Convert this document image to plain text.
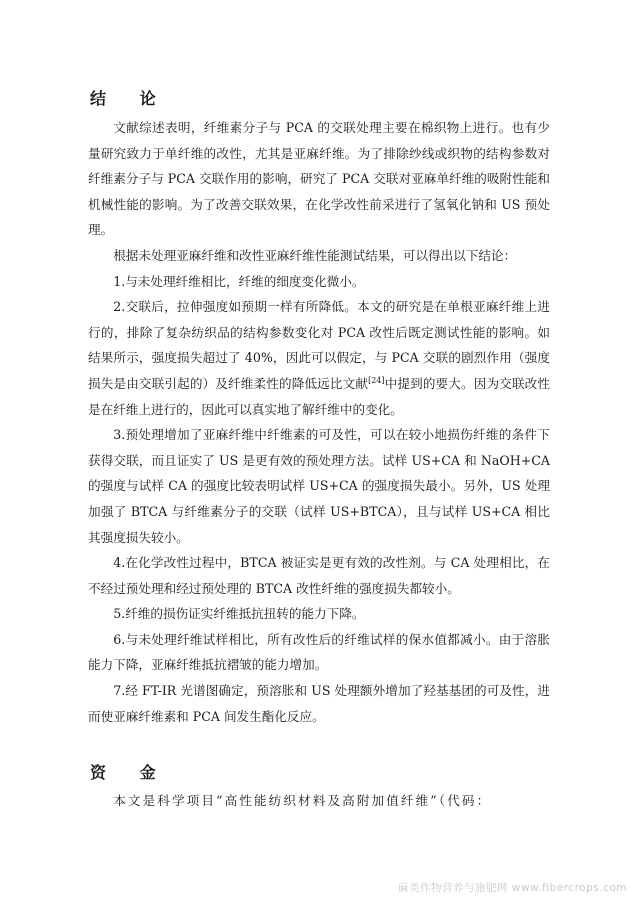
结 论

文献综述表明，纤维素分子与 PCA 的交联处理主要在棉织物上进行。也有少量研究致力于单纤维的改性，尤其是亚麻纤维。为了排除纱线或织物的结构参数对纤维素分子与 PCA 交联作用的影响，研究了 PCA 交联对亚麻单纤维的吸附性能和机械性能的影响。为了改善交联效果，在化学改性前采进行了氢氧化钠和 US 预处理。

根据未处理亚麻纤维和改性亚麻纤维性能测试结果，可以得出以下结论：

1.与未处理纤维相比，纤维的细度变化微小。

2.交联后，拉伸强度如预期一样有所降低。本文的研究是在单根亚麻纤维上进行的，排除了复杂纺织品的结构参数变化对 PCA 改性后既定测试性能的影响。如结果所示，强度损失超过了 40%，因此可以假定，与 PCA 交联的剧烈作用（强度损失是由交联引起的）及纤维柔性的降低远比文献[24]中提到的要大。因为交联改性是在纤维上进行的，因此可以真实地了解纤维中的变化。

3.预处理增加了亚麻纤维中纤维素的可及性，可以在较小地损伤纤维的条件下获得交联，而且证实了 US 是更有效的预处理方法。试样 US+CA 和 NaOH+CA 的强度与试样 CA 的强度比较表明试样 US+CA 的强度损失最小。另外，US 处理加强了 BTCA 与纤维素分子的交联（试样 US+BTCA），且与试样 US+CA 相比其强度损失较小。

4.在化学改性过程中，BTCA 被证实是更有效的改性剂。与 CA 处理相比，在不经过预处理和经过预处理的 BTCA 改性纤维的强度损失都较小。

5.纤维的损伤证实纤维抵抗扭转的能力下降。

6.与未处理纤维试样相比，所有改性后的纤维试样的保水值都减小。由于溶胀能力下降，亚麻纤维抵抗褶皱的能力增加。

7.经 FT-IR 光谱图确定，预溶胀和 US 处理额外增加了羟基基团的可及性，进而使亚麻纤维素和 PCA 间发生酯化反应。

资 金

本文是科学项目“高性能纺织材料及高附加值纤维”（代码：

麻类作物营养与施肥网 www.fibercrops.com
